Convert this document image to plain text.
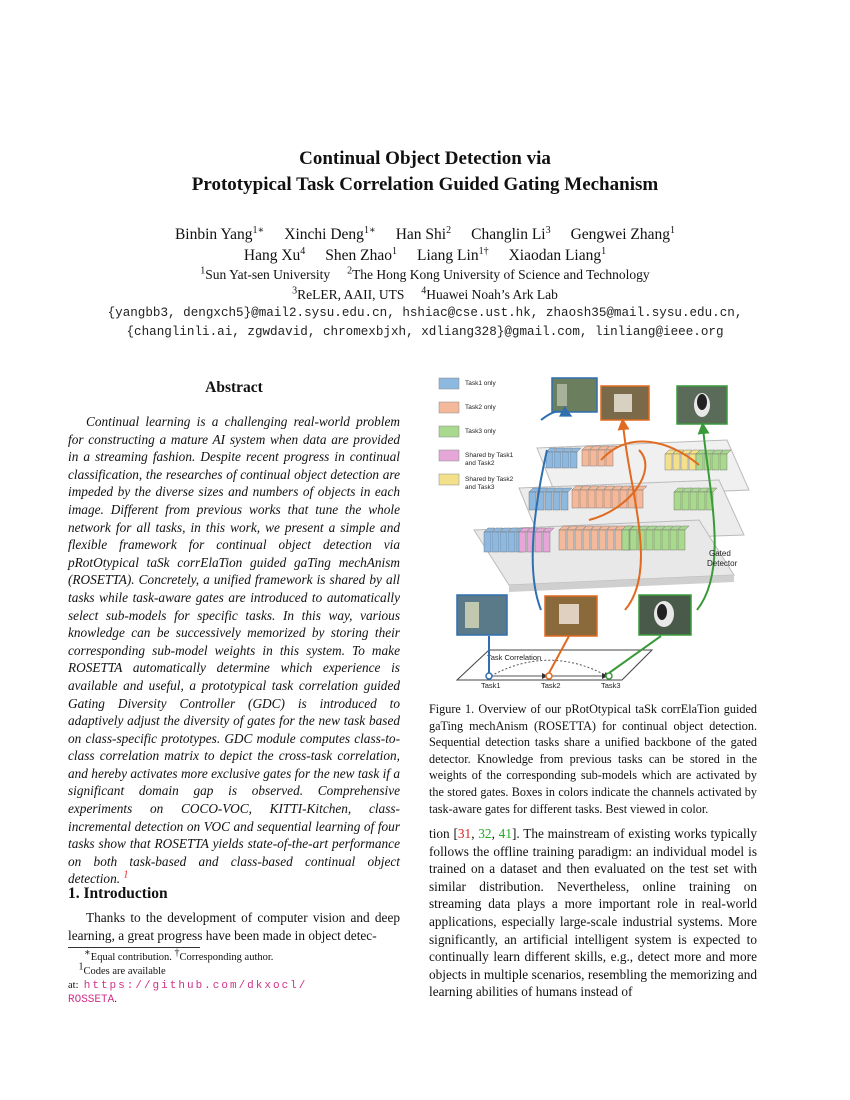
Continual Object Detection via
Prototypical Task Correlation Guided Gating Mechanism
Binbin Yang$^{1∗}$ Xinchi Deng$^{1∗}$ Han Shi$^2$ Changlin Li$^3$ Gengwei Zhang$^1$
Hang Xu$^4$ Shen Zhao$^1$ Liang Lin$^{1\dagger}$ Xiaodan Liang$^1$
$^1$Sun Yat-sen University $^2$The Hong Kong University of Science and Technology
$^3$ReLER, AAII, UTS $^4$Huawei Noah’s Ark Lab
{yangbb3, dengxch5}@mail2.sysu.edu.cn, hshiac@cse.ust.hk, zhaosh35@mail.sysu.edu.cn,
{changlinli.ai, zgwdavid, chromexbjxh, xdliang328}@gmail.com, linliang@ieee.org
Abstract

Continual learning is a challenging real-world problem for constructing a mature AI system when data are provided in a streaming fashion. Despite recent progress in continual classification, the researches of continual object detection are impeded by the diverse sizes and numbers of objects in each image. Different from previous works that tune the whole network for all tasks, in this work, we present a simple and flexible framework for continual object detection via pRotOtypical taSk corrElaTion guided gaTing mechAnism (ROSETTA). Concretely, a unified framework is shared by all tasks while task-aware gates are introduced to automatically select sub-models for specific tasks. In this way, various knowledge can be successively memorized by storing their corresponding sub-model weights in this system. To make ROSETTA automatically determine which experience is available and useful, a prototypical task correlation guided Gating Diversity Controller (GDC) is introduced to adaptively adjust the diversity of gates for the new task based on class-specific prototypes. GDC module computes class-to-class correlation matrix to depict the cross-task correlation, and hereby activates more exclusive gates for the new task if a significant domain gap is observed. Comprehensive experiments on COCO-VOC, KITTI-Kitchen, class-incremental detection on VOC and sequential learning of four tasks show that ROSETTA yields state-of-the-art performance on both task-based and class-based continual object detection. $^1$

1. Introduction
Thanks to the development of computer vision and deep learning, a great progress have been made in object detec-
∗Equal contribution. †Corresponding author.
$^1$Codes are available at: https://github.com/dkxocl/
ROSSETA.
Task1 only
Task2 only
Task3 only
Shared by Task1
and Task2
Shared by Task2
and Task3
Gated
Detector
Task Correlation
Task1	Task2	Task3
Figure 1. Overview of our pRotOtypical taSk corrElaTion guided gaTing mechAnism (ROSETTA) for continual object detection. Sequential detection tasks share a unified backbone of the gated detector. Knowledge from previous tasks can be stored in the weights of the corresponding sub-models which are activated by the stored gates. Boxes in colors indicate the channels activated by task-aware gates for different tasks. Best viewed in color.
tion [31, 32, 41]. The mainstream of existing works typically follows the offline training paradigm: an individual model is trained on a dataset and then evaluated on the test set with similar distribution. Nevertheless, online training on streaming data plays a more important role in real-world applications, especially large-scale industrial systems. More significantly, an artificial intelligent system is expected to continually learn different skills, e.g., detect more and more objects in multiple scenarios, resembling the memorizing and learning abilities of humans instead of
